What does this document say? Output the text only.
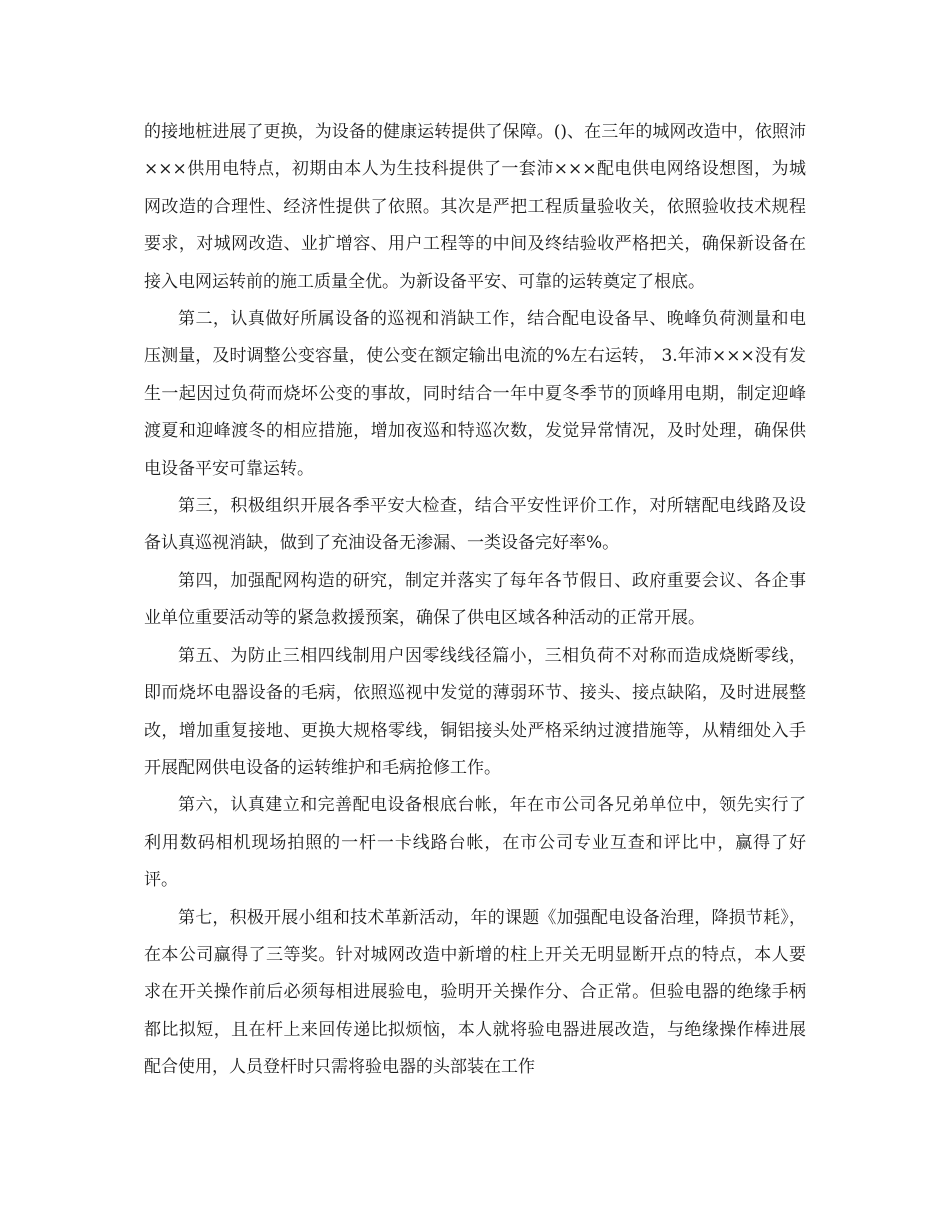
的接地桩进展了更换，为设备的健康运转提供了保障。()、在三年的城网改造中，依照沛×××供用电特点，初期由本人为生技科提供了一套沛×××配电供电网络设想图，为城网改造的合理性、经济性提供了依照。其次是严把工程质量验收关，依照验收技术规程要求，对城网改造、业扩增容、用户工程等的中间及终结验收严格把关，确保新设备在接入电网运转前的施工质量全优。为新设备平安、可靠的运转奠定了根底。

第二，认真做好所属设备的巡视和消缺工作，结合配电设备早、晚峰负荷测量和电压测量，及时调整公变容量，使公变在额定输出电流的%左右运转， 3.年沛×××没有发生一起因过负荷而烧坏公变的事故，同时结合一年中夏冬季节的顶峰用电期，制定迎峰渡夏和迎峰渡冬的相应措施，增加夜巡和特巡次数，发觉异常情况，及时处理，确保供电设备平安可靠运转。

第三，积极组织开展各季平安大检查，结合平安性评价工作，对所辖配电线路及设备认真巡视消缺，做到了充油设备无渗漏、一类设备完好率%。

第四，加强配网构造的研究，制定并落实了每年各节假日、政府重要会议、各企事业单位重要活动等的紧急救援预案，确保了供电区域各种活动的正常开展。

第五、为防止三相四线制用户因零线线径篇小，三相负荷不对称而造成烧断零线，即而烧坏电器设备的毛病，依照巡视中发觉的薄弱环节、接头、接点缺陷，及时进展整改，增加重复接地、更换大规格零线，铜铝接头处严格采纳过渡措施等，从精细处入手开展配网供电设备的运转维护和毛病抢修工作。

第六，认真建立和完善配电设备根底台帐，年在市公司各兄弟单位中，领先实行了利用数码相机现场拍照的一杆一卡线路台帐，在市公司专业互查和评比中，赢得了好评。

第七，积极开展小组和技术革新活动，年的课题《加强配电设备治理，降损节耗》，在本公司赢得了三等奖。针对城网改造中新增的柱上开关无明显断开点的特点，本人要求在开关操作前后必须每相进展验电，验明开关操作分、合正常。但验电器的绝缘手柄都比拟短，且在杆上来回传递比拟烦恼，本人就将验电器进展改造，与绝缘操作棒进展配合使用，人员登杆时只需将验电器的头部装在工作
